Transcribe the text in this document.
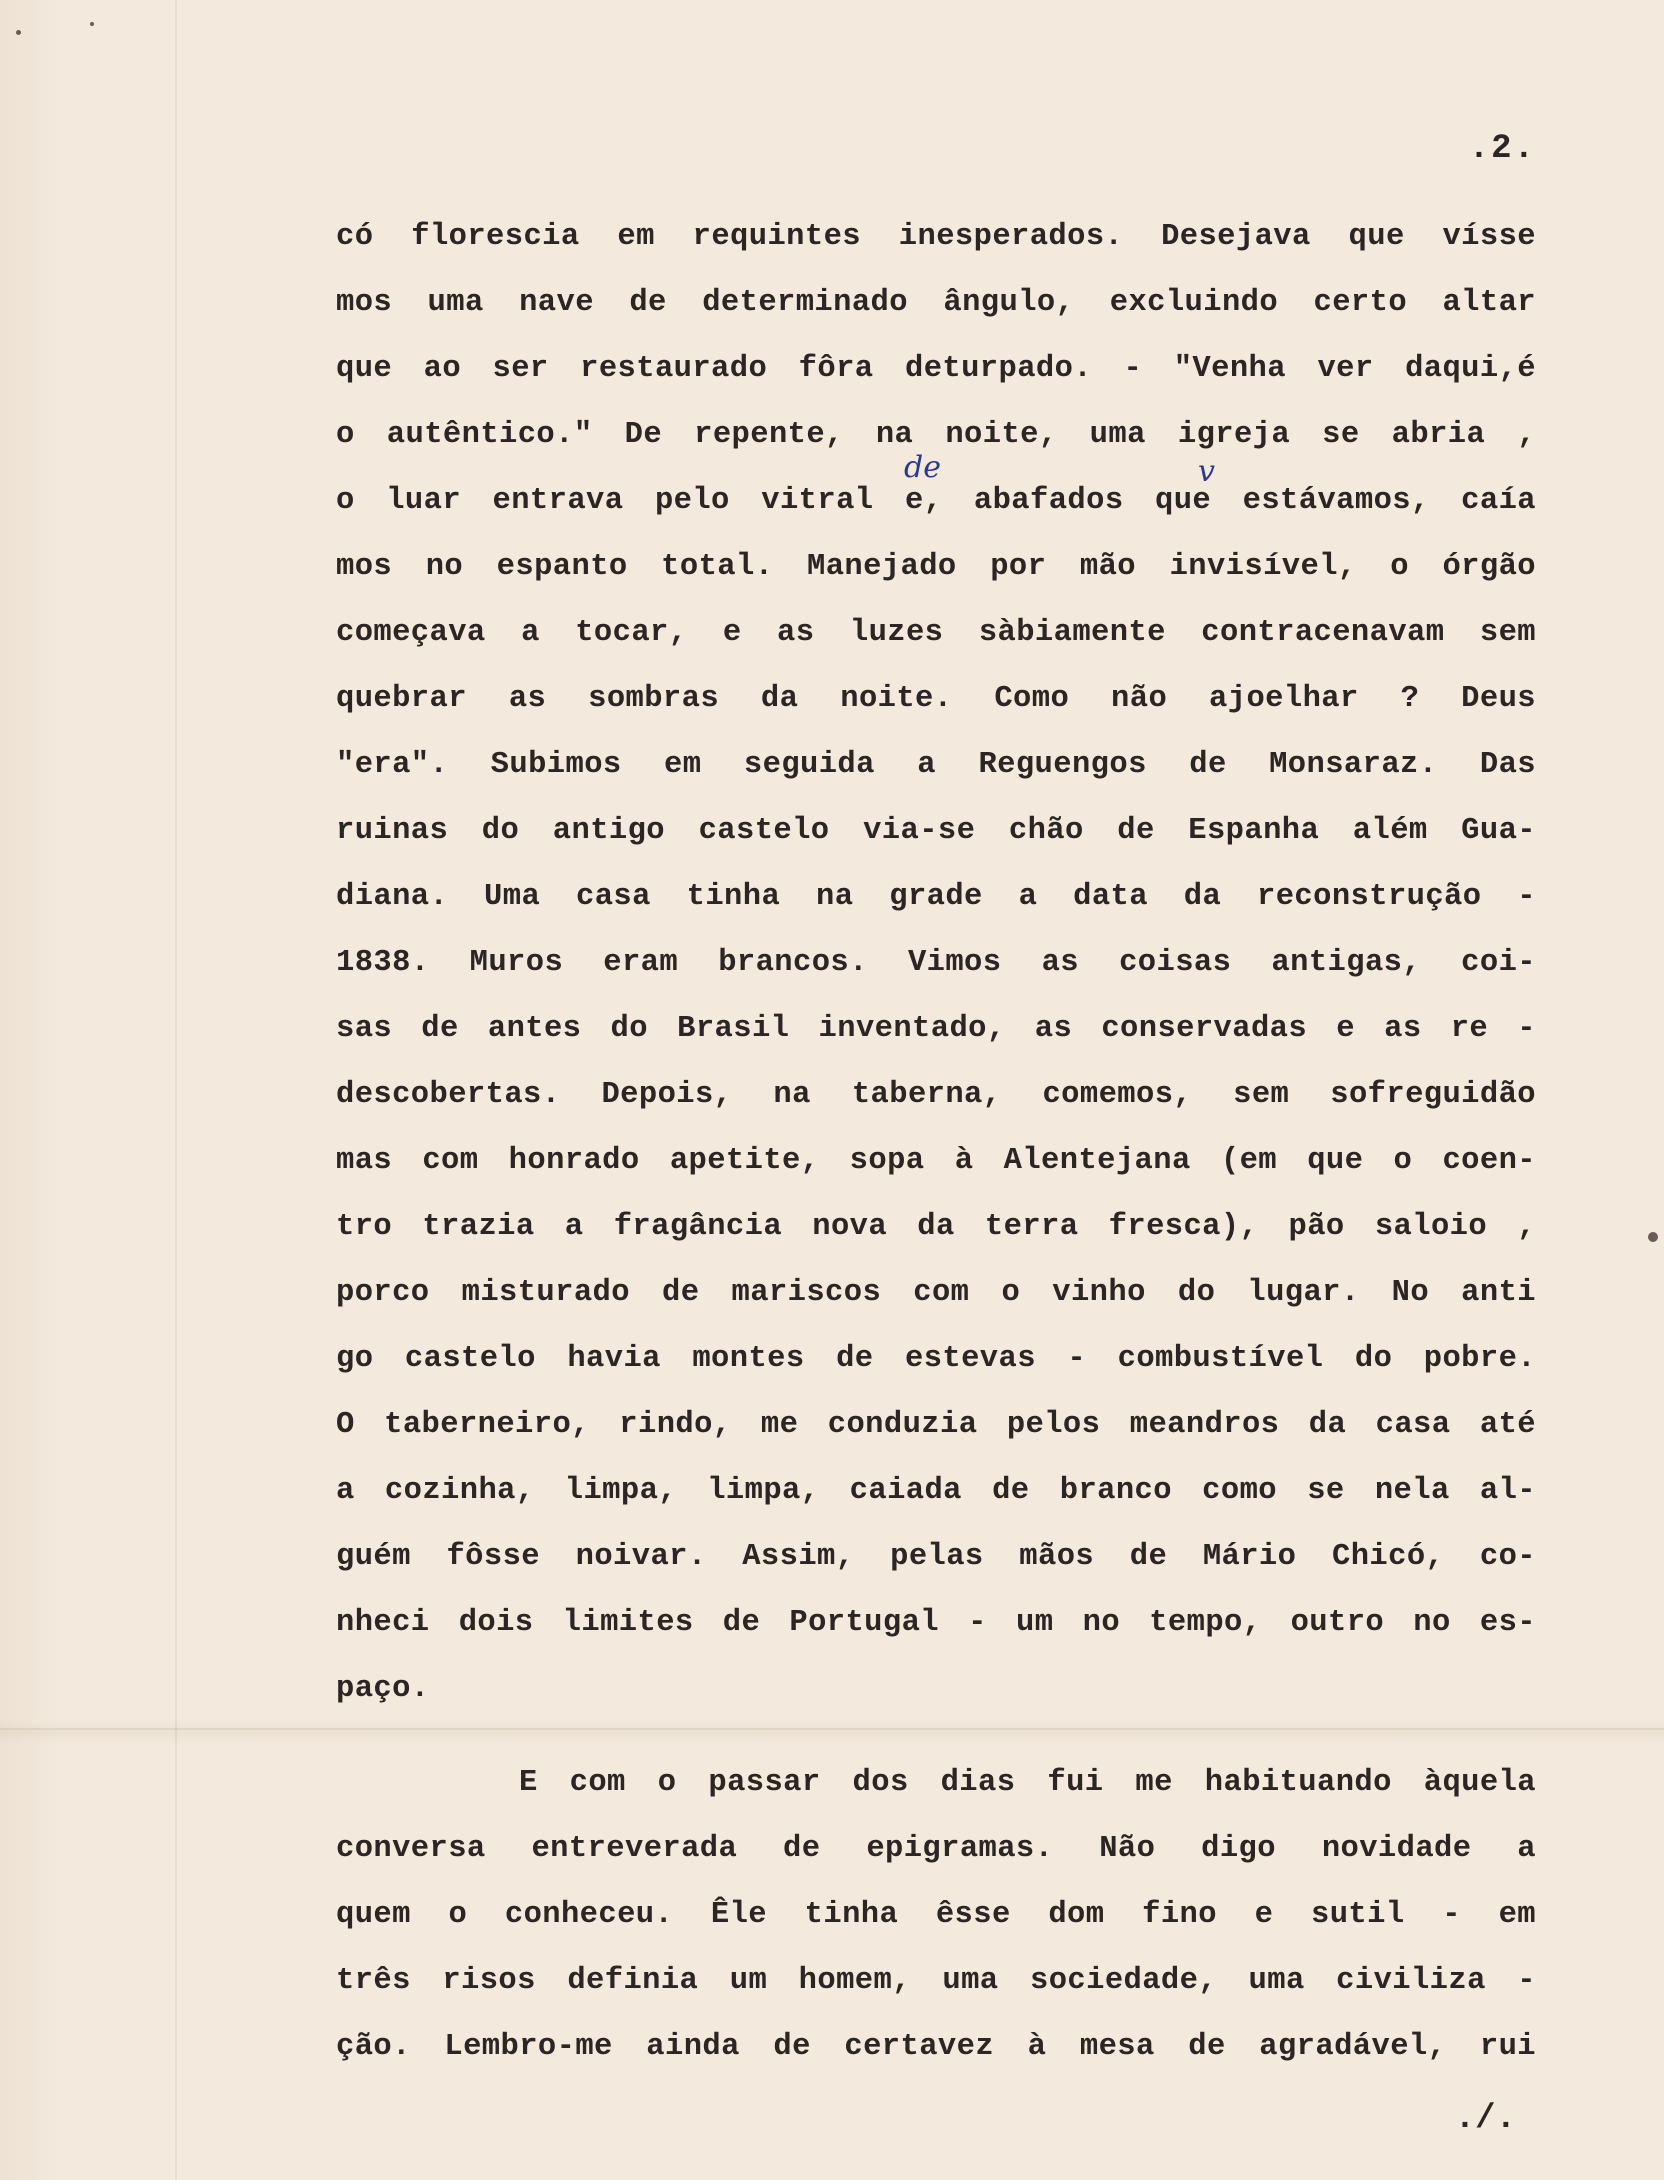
.2.
có florescia em requintes inesperados. Desejava que vísse
mos uma nave de determinado ângulo, excluindo certo altar
que ao ser restaurado fôra deturpado. - "Venha ver daqui,é
o autêntico." De repente, na noite, uma igreja se abria ,
o luar entrava pelo vitral e, abafados que estávamos, caía
mos no espanto total. Manejado por mão invisível, o órgão
começava a tocar, e as luzes sàbiamente contracenavam sem
quebrar as sombras da noite. Como não ajoelhar ? Deus
"era". Subimos em seguida a Reguengos de Monsaraz. Das
ruinas do antigo castelo via-se chão de Espanha além Gua-
diana. Uma casa tinha na grade a data da reconstrução -
1838. Muros eram brancos. Vimos as coisas antigas, coi-
sas de antes do Brasil inventado, as conservadas e as re -
descobertas. Depois, na taberna, comemos, sem sofreguidão
mas com honrado apetite, sopa à Alentejana (em que o coen-
tro trazia a fragância nova da terra fresca), pão saloio ,
porco misturado de mariscos com o vinho do lugar. No anti
go castelo havia montes de estevas - combustível do pobre.
O taberneiro, rindo, me conduzia pelos meandros da casa até
a cozinha, limpa, limpa, caiada de branco como se nela al-
guém fôsse noivar. Assim, pelas mãos de Mário Chicó, co-
nheci dois limites de Portugal - um no tempo, outro no es-
paço.
E com o passar dos dias fui me habituando àquela
conversa entreverada de epigramas. Não digo novidade a
quem o conheceu. Êle tinha êsse dom fino e sutil - em
três risos definia um homem, uma sociedade, uma civiliza -
ção. Lembro-me ainda de certavez à mesa de agradável, rui
de	v
./.
